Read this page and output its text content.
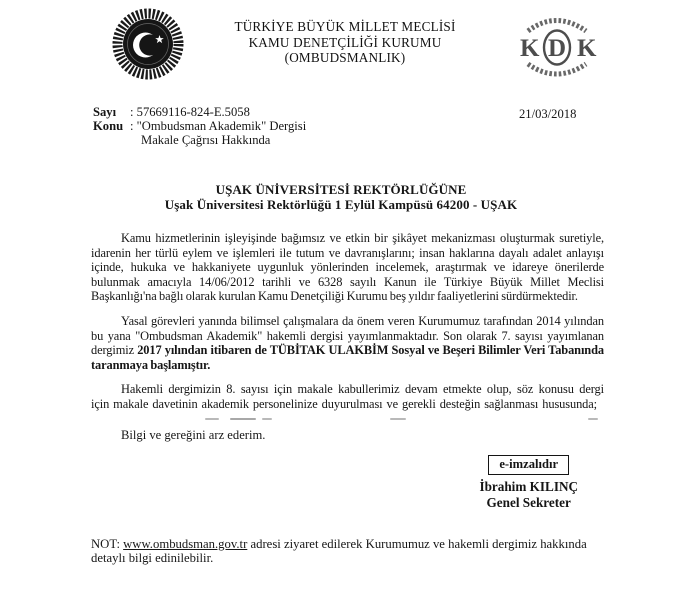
TÜRKİYE BÜYÜK MİLLET MECLİSİ
KAMU DENETÇİLİĞİ KURUMU
(OMBUDSMANLIK)	K D K
Sayı : 57669116-824-E.5058
Konu : "Ombudsman Akademik" Dergisi
Makale Çağrısı Hakkında
21/03/2018
UŞAK ÜNİVERSİTESİ REKTÖRLÜĞÜNE
Uşak Üniversitesi Rektörlüğü 1 Eylül Kampüsü 64200 - UŞAK

Kamu hizmetlerinin işleyişinde bağımsız ve etkin bir şikâyet mekanizması oluşturmak suretiyle, idarenin her türlü eylem ve işlemleri ile tutum ve davranışlarını; insan haklarına dayalı adalet anlayışı içinde, hukuka ve hakkaniyete uygunluk yönlerinden incelemek, araştırmak ve idareye önerilerde bulunmak amacıyla 14/06/2012 tarihli ve 6328 sayılı Kanun ile Türkiye Büyük Millet Meclisi Başkanlığı'na bağlı olarak kurulan Kamu Denetçiliği Kurumu beş yıldır faaliyetlerini sürdürmektedir.

Yasal görevleri yanında bilimsel çalışmalara da önem veren Kurumumuz tarafından 2014 yılından bu yana "Ombudsman Akademik" hakemli dergisi yayımlanmaktadır. Son olarak 7. sayısı yayımlanan dergimiz 2017 yılından itibaren de TÜBİTAK ULAKBİM Sosyal ve Beşeri Bilimler Veri Tabanında taranmaya başlamıştır.

Hakemli dergimizin 8. sayısı için makale kabullerimiz devam etmekte olup, söz konusu dergi için makale davetinin akademik personelinize duyurulması ve gerekli desteğin sağlanması hususunda;

Bilgi ve gereğini arz ederim.

e-imzalıdır
İbrahim KILINÇ
Genel Sekreter
NOT: www.ombudsman.gov.tr adresi ziyaret edilerek Kurumumuz ve hakemli dergimiz hakkında detaylı bilgi edinilebilir.
